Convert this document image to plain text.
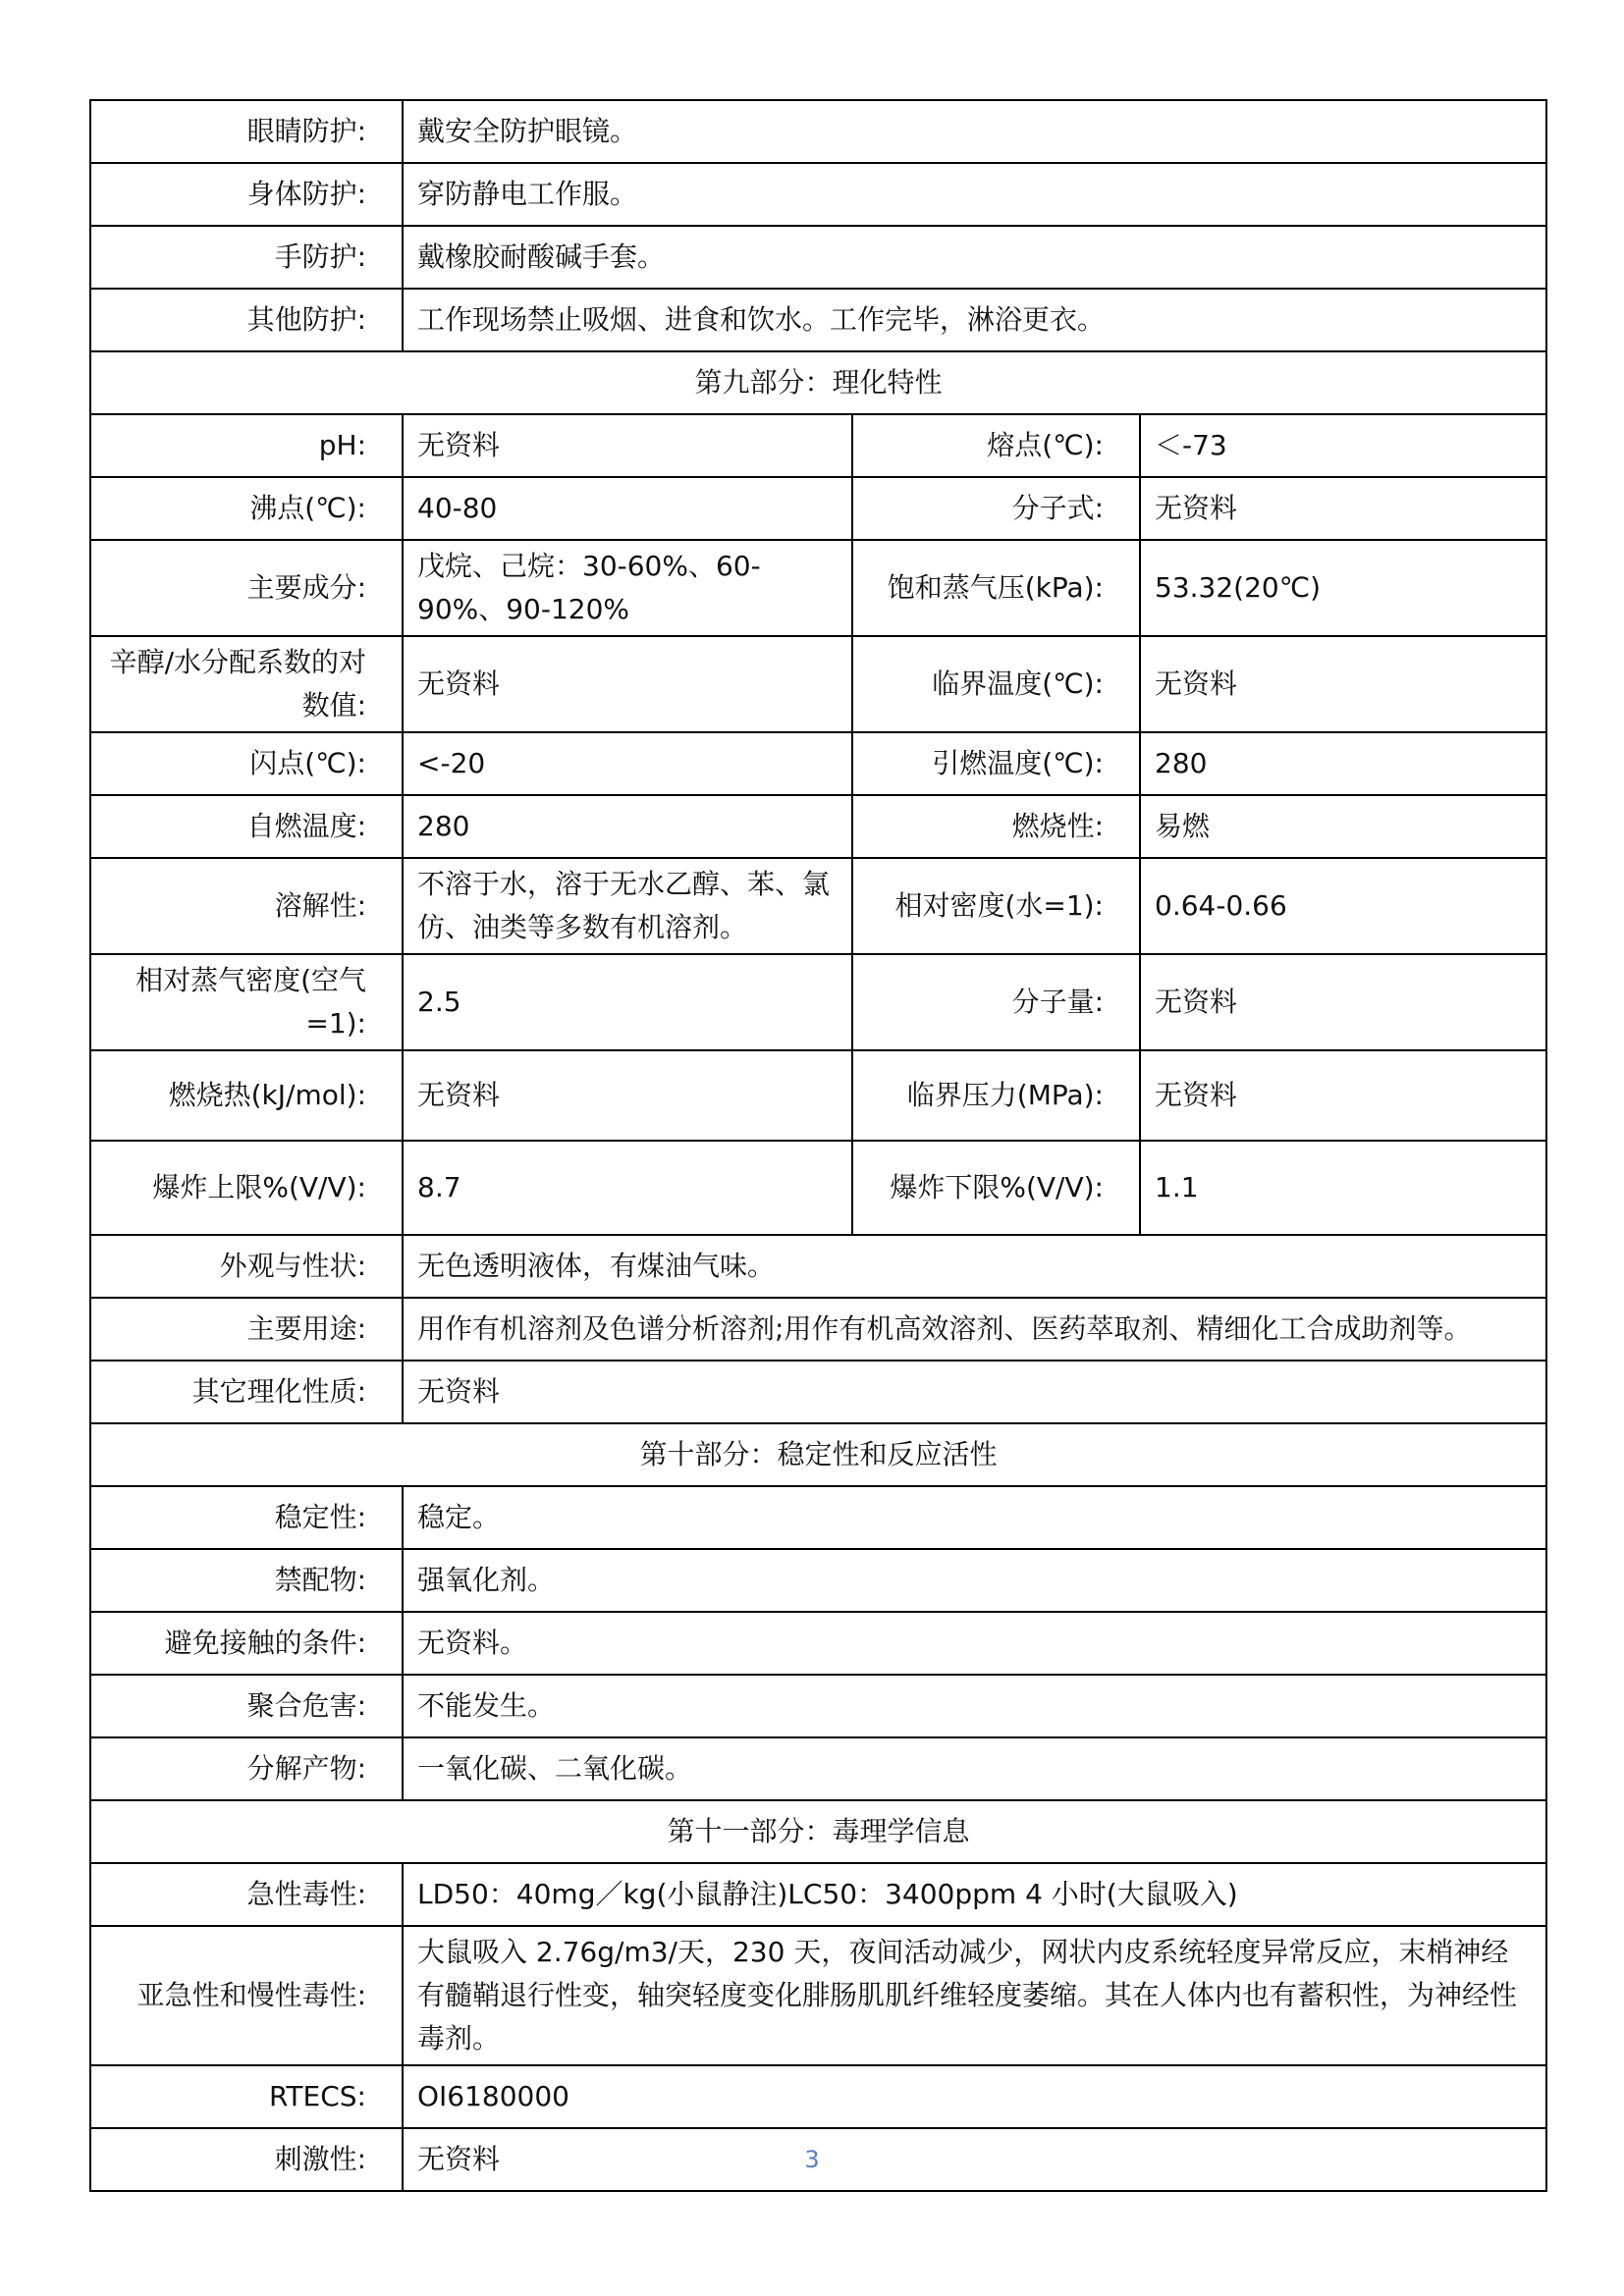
眼睛防护:	戴安全防护眼镜。		
身体防护:	穿防静电工作服。		
手防护:	戴橡胶耐酸碱手套。		
其他防护:	工作现场禁止吸烟、进食和饮水。工作完毕，淋浴更衣。		
第九部分：理化特性			
pH:	无资料	熔点(℃):	＜-73
沸点(℃):	40-80	分子式:	无资料
主要成分:	戊烷、己烷：30-60%、60-90%、90-120%	饱和蒸气压(kPa):	53.32(20℃)
辛醇/水分配系数的对数值:	无资料	临界温度(℃):	无资料
闪点(℃):	<-20	引燃温度(℃):	280
自燃温度:	280	燃烧性:	易燃
溶解性:	不溶于水，溶于无水乙醇、苯、氯仿、油类等多数有机溶剂。	相对密度(水=1):	0.64-0.66
相对蒸气密度(空气=1):	2.5	分子量:	无资料
燃烧热(kJ/mol):	无资料	临界压力(MPa):	无资料
爆炸上限%(V/V):	8.7	爆炸下限%(V/V):	1.1
外观与性状:	无色透明液体，有煤油气味。		
主要用途:	用作有机溶剂及色谱分析溶剂;用作有机高效溶剂、医药萃取剂、精细化工合成助剂等。		
其它理化性质:	无资料		
第十部分：稳定性和反应活性			
稳定性:	稳定。		
禁配物:	强氧化剂。		
避免接触的条件:	无资料。		
聚合危害:	不能发生。		
分解产物:	一氧化碳、二氧化碳。		
第十一部分：毒理学信息			
急性毒性:	LD50：40mg／kg(小鼠静注)LC50：3400ppm 4 小时(大鼠吸入)		
亚急性和慢性毒性:	大鼠吸入 2.76g/m3/天，230 天，夜间活动减少，网状内皮系统轻度异常反应，末梢神经有髓鞘退行性变，轴突轻度变化腓肠肌肌纤维轻度萎缩。其在人体内也有蓄积性，为神经性毒剂。		
RTECS:	OI6180000		
刺激性:	无资料			3
